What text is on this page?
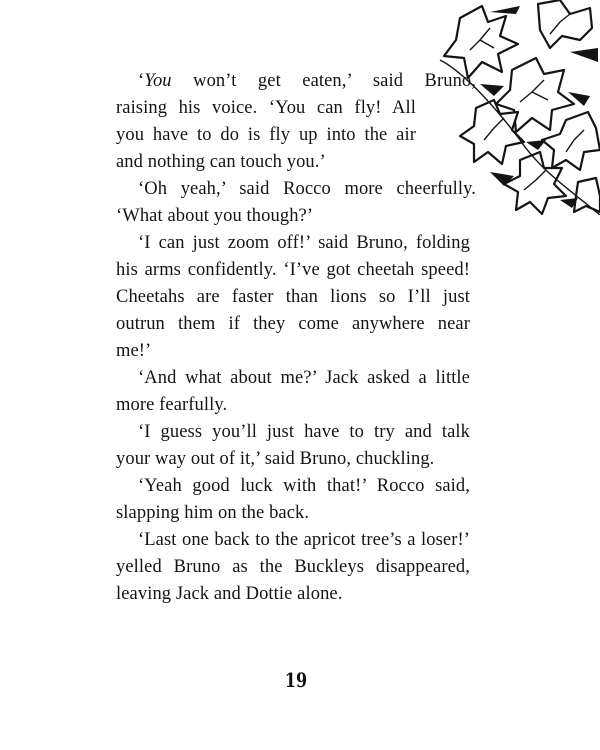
‘You won’t get eaten,’ said Bruno,
raising his voice. ‘You can fly! All
you have to do is fly up into the air
and nothing can touch you.’
‘Oh yeah,’ said Rocco more cheerfully.
‘What about you though?’
‘I can just zoom off!’ said Bruno, folding
his arms confidently. ‘I’ve got cheetah speed!
Cheetahs are faster than lions so I’ll just
outrun them if they come anywhere near
me!’
‘And what about me?’ Jack asked a little
more fearfully.
‘I guess you’ll just have to try and talk
your way out of it,’ said Bruno, chuckling.
‘Yeah good luck with that!’ Rocco said,
slapping him on the back.
‘Last one back to the apricot tree’s a loser!’
yelled Bruno as the Buckleys disappeared,
leaving Jack and Dottie alone.
19
